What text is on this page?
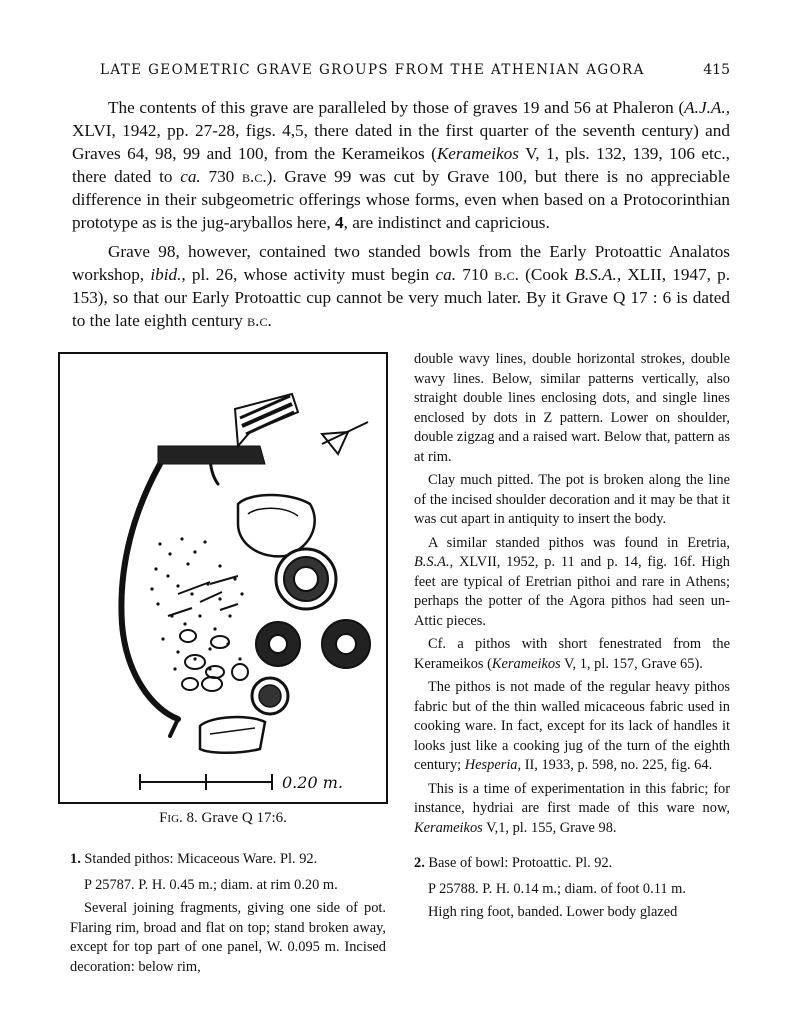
LATE GEOMETRIC GRAVE GROUPS FROM THE ATHENIAN AGORA	415

The contents of this grave are paralleled by those of graves 19 and 56 at Phaleron (A.J.A., XLVI, 1942, pp. 27-28, figs. 4,5, there dated in the first quarter of the seventh century) and Graves 64, 98, 99 and 100, from the Kerameikos (Kerameikos V, 1, pls. 132, 139, 106 etc., there dated to ca. 730 b.c.). Grave 99 was cut by Grave 100, but there is no appreciable difference in their subgeometric offerings whose forms, even when based on a Protocorinthian prototype as is the jug-aryballos here, 4, are indistinct and capricious.

Grave 98, however, contained two standed bowls from the Early Protoattic Analatos workshop, ibid., pl. 26, whose activity must begin ca. 710 b.c. (Cook B.S.A., XLII, 1947, p. 153), so that our Early Protoattic cup cannot be very much later. By it Grave Q 17 : 6 is dated to the late eighth century b.c.

0.20 m.
Fig. 8. Grave Q 17:6.

1. Standed pithos: Micaceous Ware. Pl. 92.

P 25787. P. H. 0.45 m.; diam. at rim 0.20 m.

Several joining fragments, giving one side of pot. Flaring rim, broad and flat on top; stand broken away, except for top part of one panel, W. 0.095 m. Incised decoration: below rim,

double wavy lines, double horizontal strokes, double wavy lines. Below, similar patterns vertically, also straight double lines enclosing dots, and single lines enclosed by dots in Z pattern. Lower on shoulder, double zigzag and a raised wart. Below that, pattern as at rim.

Clay much pitted. The pot is broken along the line of the incised shoulder decoration and it may be that it was cut apart in antiquity to insert the body.

A similar standed pithos was found in Eretria, B.S.A., XLVII, 1952, p. 11 and p. 14, fig. 16f. High feet are typical of Eretrian pithoi and rare in Athens; perhaps the potter of the Agora pithos had seen un-Attic pieces.

Cf. a pithos with short fenestrated from the Kerameikos (Kerameikos V, 1, pl. 157, Grave 65).

The pithos is not made of the regular heavy pithos fabric but of the thin walled micaceous fabric used in cooking ware. In fact, except for its lack of handles it looks just like a cooking jug of the turn of the eighth century; Hesperia, II, 1933, p. 598, no. 225, fig. 64.

This is a time of experimentation in this fabric; for instance, hydriai are first made of this ware now, Kerameikos V,1, pl. 155, Grave 98.

2. Base of bowl: Protoattic. Pl. 92.

P 25788. P. H. 0.14 m.; diam. of foot 0.11 m.

High ring foot, banded. Lower body glazed
